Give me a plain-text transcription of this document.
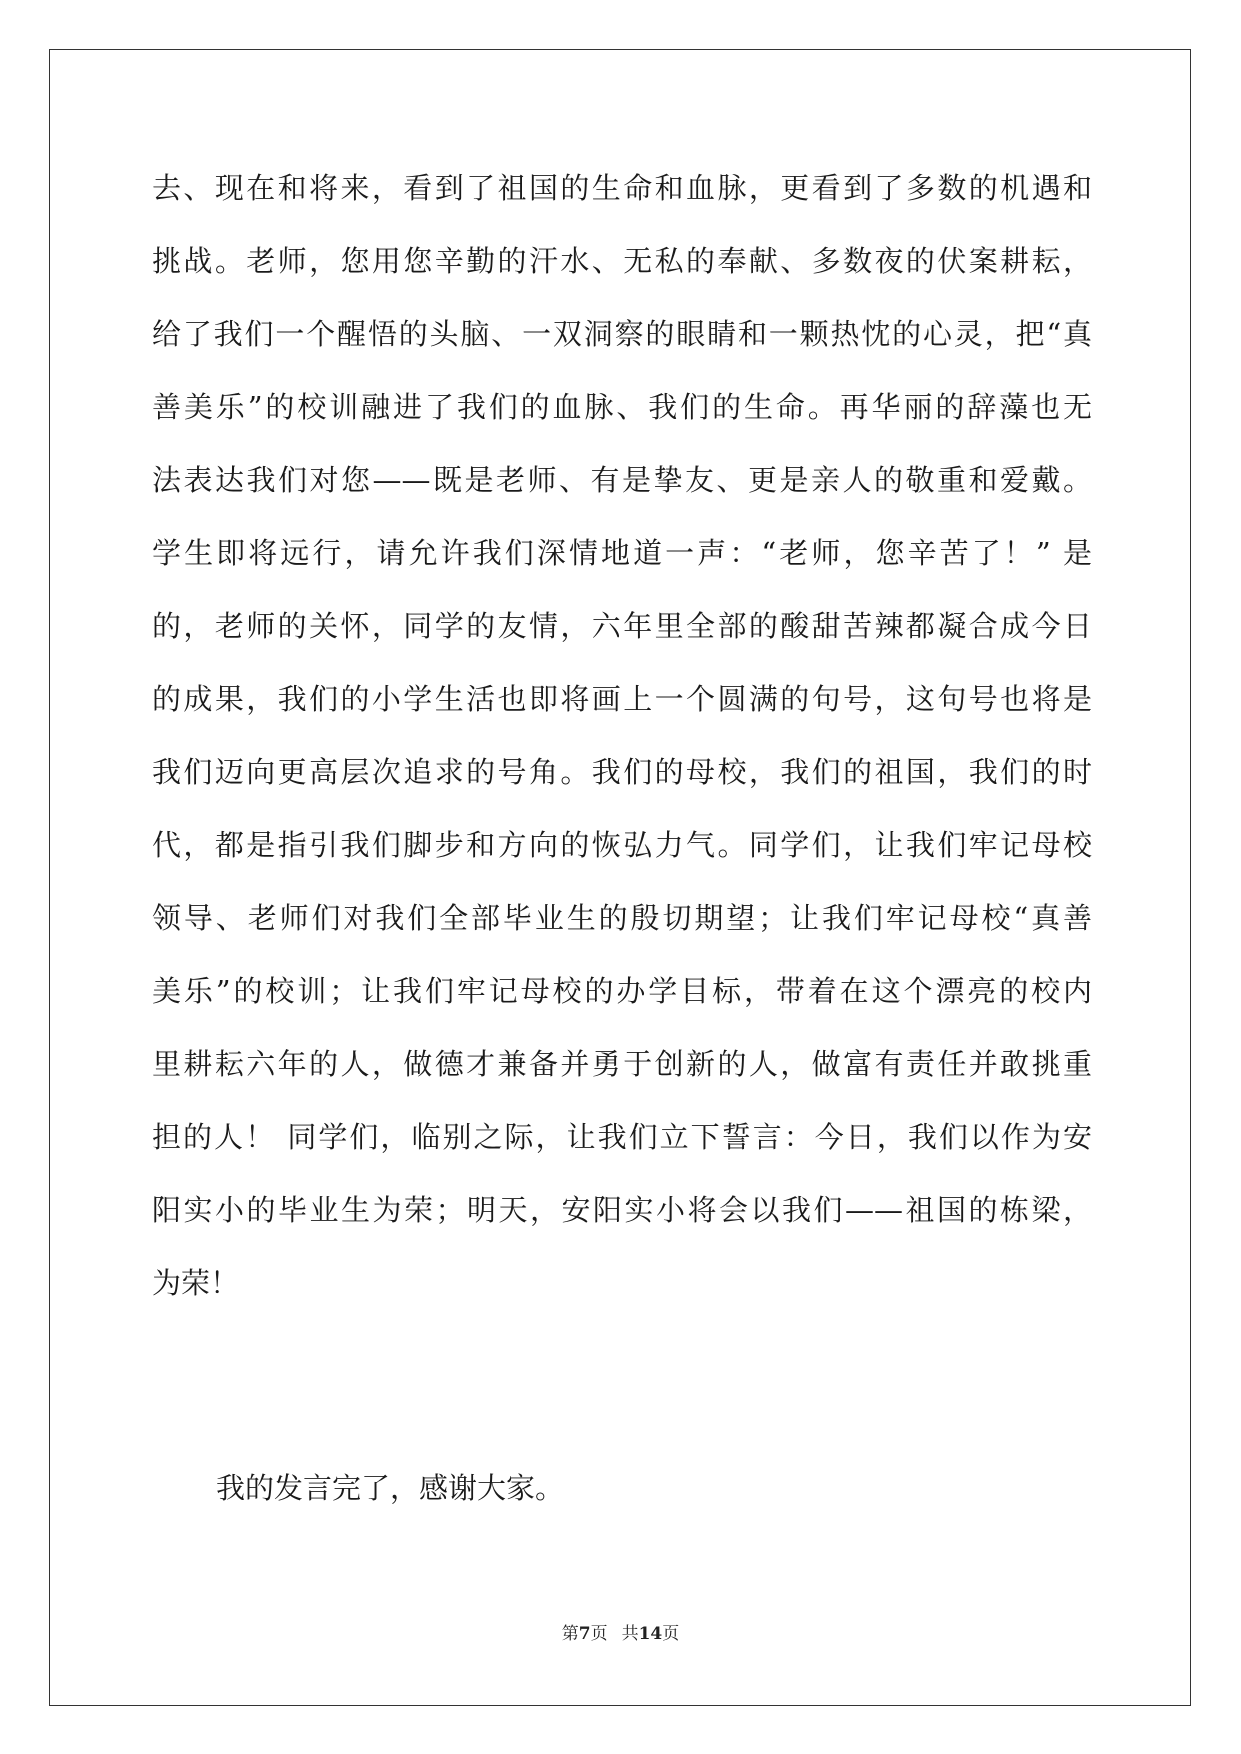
去、现在和将来，看到了祖国的生命和血脉，更看到了多数的机遇和
挑战。老师，您用您辛勤的汗水、无私的奉献、多数夜的伏案耕耘，
给了我们一个醒悟的头脑、一双洞察的眼睛和一颗热忱的心灵，把“真
善美乐”的校训融进了我们的血脉、我们的生命。再华丽的辞藻也无
法表达我们对您——既是老师、有是挚友、更是亲人的敬重和爱戴。
学生即将远行，请允许我们深情地道一声：“老师，您辛苦了！” 是
的，老师的关怀，同学的友情，六年里全部的酸甜苦辣都凝合成今日
的成果，我们的小学生活也即将画上一个圆满的句号，这句号也将是
我们迈向更高层次追求的号角。我们的母校，我们的祖国，我们的时
代，都是指引我们脚步和方向的恢弘力气。同学们，让我们牢记母校
领导、老师们对我们全部毕业生的殷切期望；让我们牢记母校“真善
美乐”的校训；让我们牢记母校的办学目标，带着在这个漂亮的校内
里耕耘六年的人，做德才兼备并勇于创新的人，做富有责任并敢挑重
担的人！ 同学们，临别之际，让我们立下誓言：今日，我们以作为安
阳实小的毕业生为荣；明天，安阳实小将会以我们——祖国的栋梁，
为荣！
我的发言完了，感谢大家。
第7页 共14页
